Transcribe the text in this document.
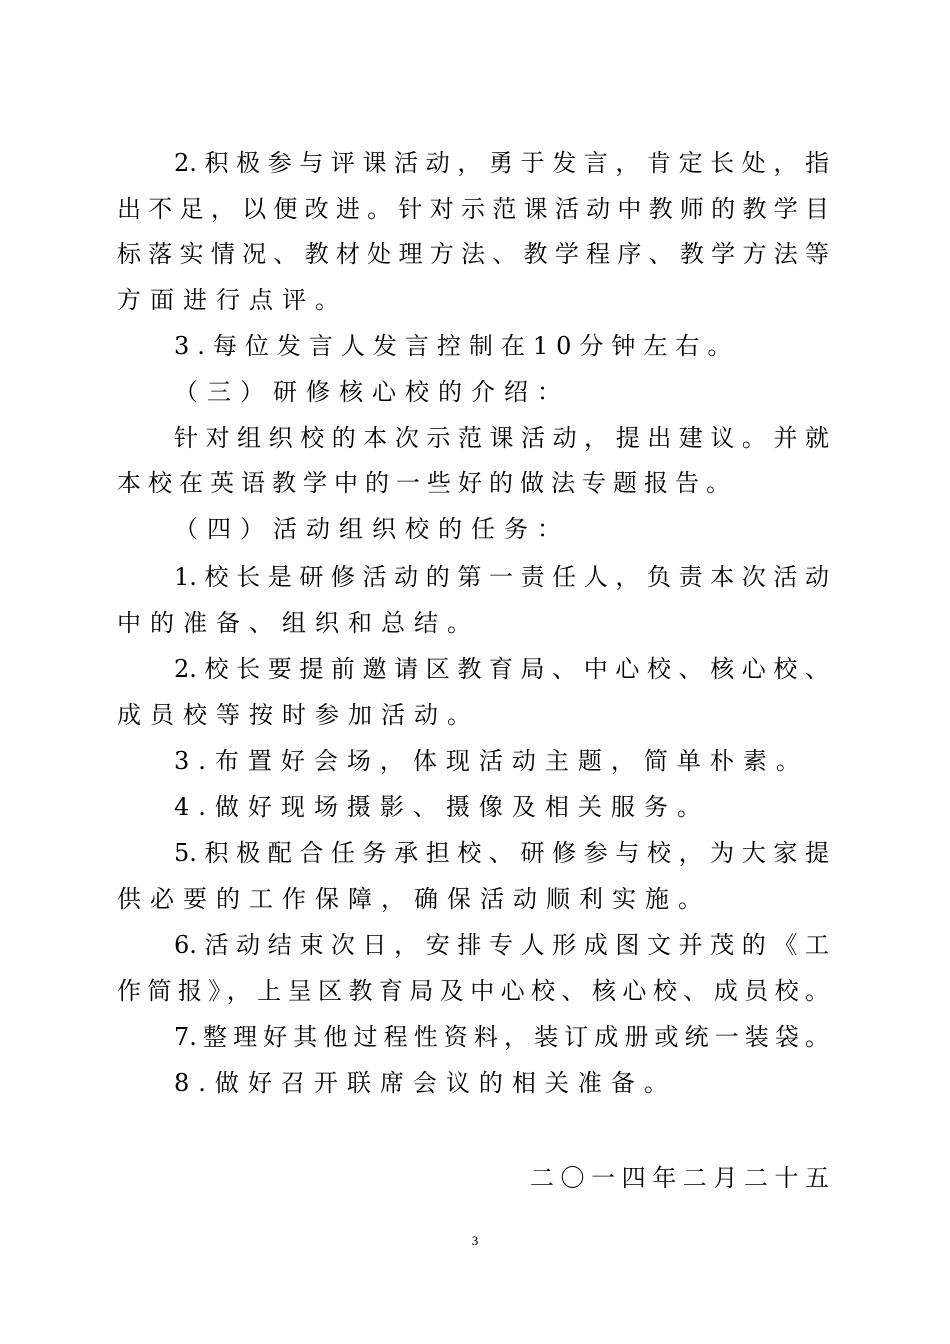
2.积极参与评课活动，勇于发言，肯定长处，指
出不足，以便改进。针对示范课活动中教师的教学目
标落实情况、教材处理方法、教学程序、教学方法等
方面进行点评。
3.每位发言人发言控制在10分钟左右。
（三）研修核心校的介绍：
针对组织校的本次示范课活动，提出建议。并就
本校在英语教学中的一些好的做法专题报告。
（四）活动组织校的任务：
1.校长是研修活动的第一责任人，负责本次活动
中的准备、组织和总结。
2.校长要提前邀请区教育局、中心校、核心校、
成员校等按时参加活动。
3.布置好会场，体现活动主题，简单朴素。
4.做好现场摄影、摄像及相关服务。
5.积极配合任务承担校、研修参与校，为大家提
供必要的工作保障，确保活动顺利实施。
6.活动结束次日，安排专人形成图文并茂的《工
作简报》，上呈区教育局及中心校、核心校、成员校。
7.整理好其他过程性资料，装订成册或统一装袋。
8.做好召开联席会议的相关准备。
二〇一四年二月二十五
3
